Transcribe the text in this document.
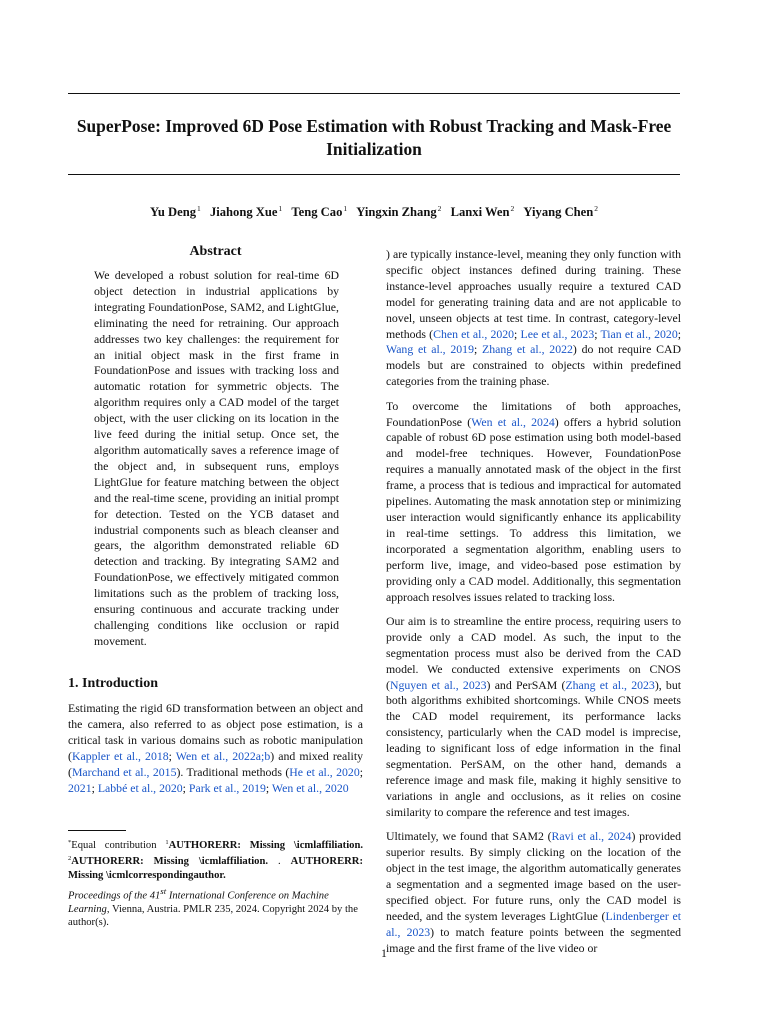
SuperPose: Improved 6D Pose Estimation with Robust Tracking and Mask-Free Initialization
Yu Deng$^1$ Jiahong Xue$^1$ Teng Cao$^1$ Yingxin Zhang$^2$ Lanxi Wen$^2$ Yiyang Chen$^2$
Abstract
We developed a robust solution for real-time 6D object detection in industrial applications by integrating FoundationPose, SAM2, and LightGlue, eliminating the need for retraining. Our approach addresses two key challenges: the requirement for an initial object mask in the first frame in FoundationPose and issues with tracking loss and automatic rotation for symmetric objects. The algorithm requires only a CAD model of the target object, with the user clicking on its location in the live feed during the initial setup. Once set, the algorithm automatically saves a reference image of the object and, in subsequent runs, employs LightGlue for feature matching between the object and the real-time scene, providing an initial prompt for detection. Tested on the YCB dataset and industrial components such as bleach cleanser and gears, the algorithm demonstrated reliable 6D detection and tracking. By integrating SAM2 and FoundationPose, we effectively mitigated common limitations such as the problem of tracking loss, ensuring continuous and accurate tracking under challenging conditions like occlusion or rapid movement.
1. Introduction

Estimating the rigid 6D transformation between an object and the camera, also referred to as object pose estimation, is a critical task in various domains such as robotic manipulation (Kappler et al., 2018; Wen et al., 2022a;b) and mixed reality (Marchand et al., 2015). Traditional methods (He et al., 2020; 2021; Labbé et al., 2020; Park et al., 2019; Wen et al., 2020

) are typically instance-level, meaning they only function with specific object instances defined during training. These instance-level approaches usually require a textured CAD model for generating training data and are not applicable to novel, unseen objects at test time. In contrast, category-level methods (Chen et al., 2020; Lee et al., 2023; Tian et al., 2020; Wang et al., 2019; Zhang et al., 2022) do not require CAD models but are constrained to objects within predefined categories from the training phase.

To overcome the limitations of both approaches, FoundationPose (Wen et al., 2024) offers a hybrid solution capable of robust 6D pose estimation using both model-based and model-free techniques. However, FoundationPose requires a manually annotated mask of the object in the first frame, a process that is tedious and impractical for automated pipelines. Automating the mask annotation step or minimizing user interaction would significantly enhance its applicability in real-time settings. To address this limitation, we incorporated a segmentation algorithm, enabling users to perform live, image, and video-based pose estimation by providing only a CAD model. Additionally, this segmentation approach resolves issues related to tracking loss.

Our aim is to streamline the entire process, requiring users to provide only a CAD model. As such, the input to the segmentation process must also be derived from the CAD model. We conducted extensive experiments on CNOS (Nguyen et al., 2023) and PerSAM (Zhang et al., 2023), but both algorithms exhibited shortcomings. While CNOS meets the CAD model requirement, its performance lacks consistency, particularly when the CAD model is imprecise, leading to significant loss of edge information in the final segmentation. PerSAM, on the other hand, demands a reference image and mask file, making it highly sensitive to variations in angle and occlusions, as it relies on cosine similarity to compare the reference and test images.

Ultimately, we found that SAM2 (Ravi et al., 2024) provided superior results. By simply clicking on the location of the object in the test image, the algorithm automatically generates a segmentation and a segmented image based on the user-specified object. For future runs, only the CAD model is needed, and the system leverages LightGlue (Lindenberger et al., 2023) to match feature points between the segmented image and the first frame of the live video or

*Equal contribution $^1$AUTHORERR: Missing \icmlaffiliation. $^2$AUTHORERR: Missing \icmlaffiliation. . AUTHORERR: Missing \icmlcorrespondingauthor.
Proceedings of the 41st International Conference on Machine Learning, Vienna, Austria. PMLR 235, 2024. Copyright 2024 by the author(s).
1
